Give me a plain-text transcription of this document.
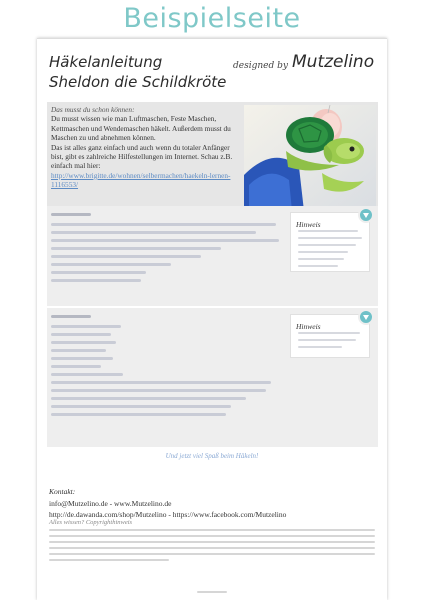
Beispielseite
Häkelanleitung
Sheldon die Schildkröte
designed by Mutzelino

Das musst du schon können:

Du musst wissen wie man Luftmaschen, Feste Maschen, Kettmaschen und Wendemaschen häkelt. Außerdem musst du Maschen zu und abnehmen können.

Das ist alles ganz einfach und auch wenn du totaler Anfänger bist, gibt es zahlreiche Hilfestellungen im Internet. Schau z.B. einfach mal hier:

http://www.brigitte.de/wohnen/selbermachen/haekeln-lernen-1116553/

Hinweis
Hinweis
Und jetzt viel Spaß beim Häkeln!
Kontakt:
info@Mutzelino.de - www.Mutzelino.de
http://de.dawanda.com/shop/Mutzelino - https://www.facebook.com/Mutzelino
Alles wissen? Copyrighthinweis
